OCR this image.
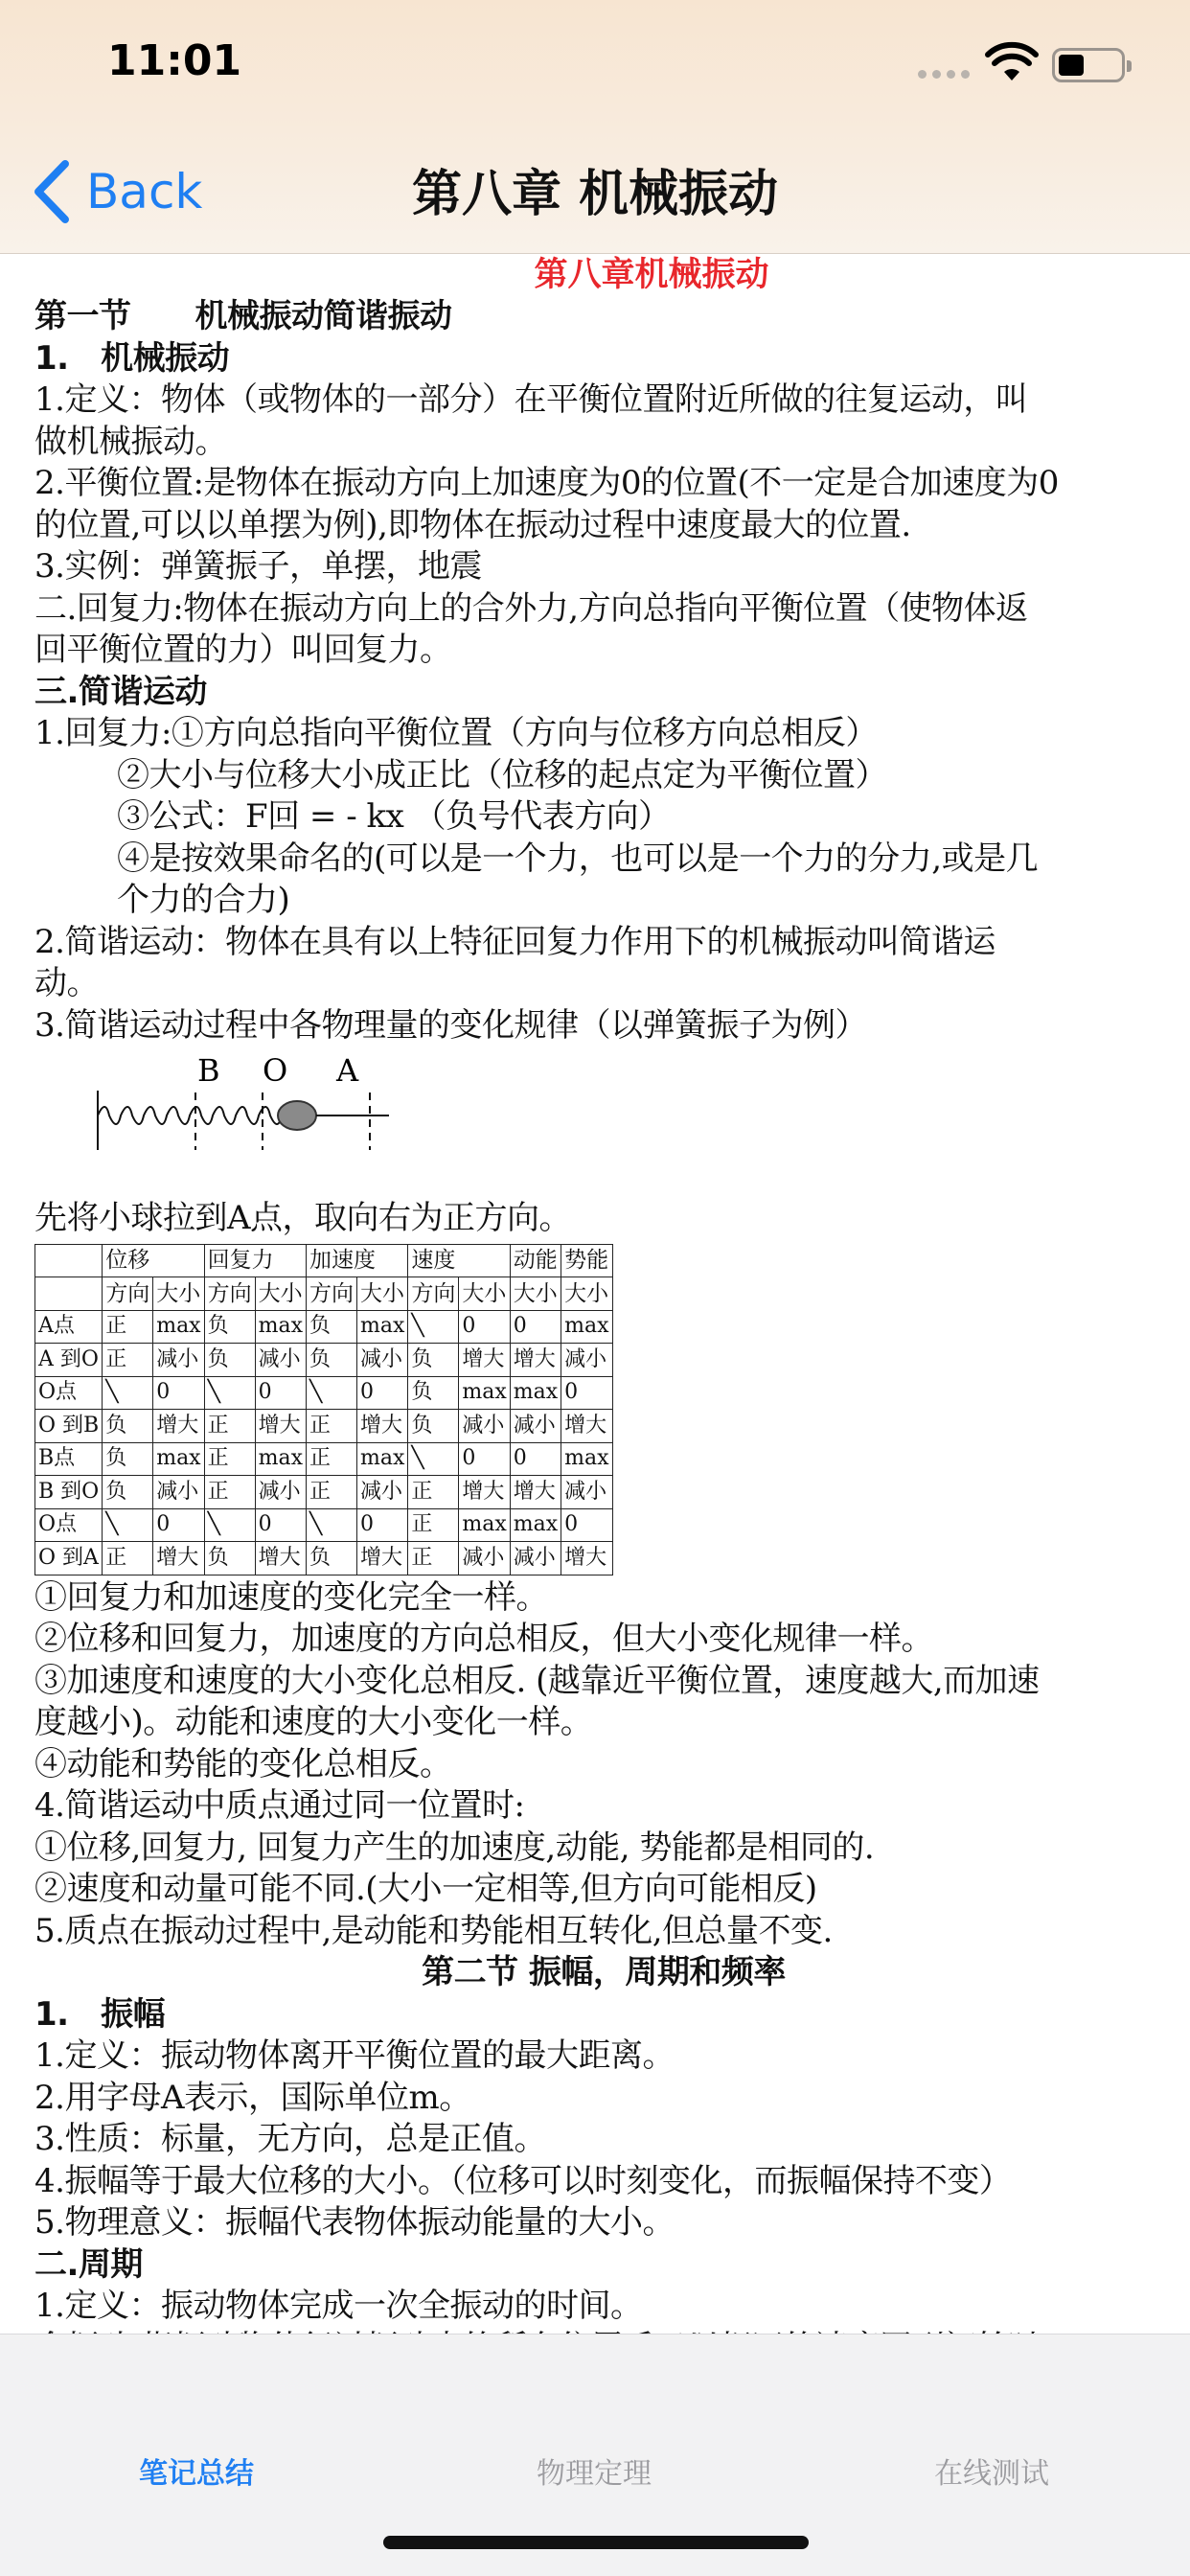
11:01
Back	第八章 机械振动
第八章机械振动
第一节　　机械振动简谐振动
1.　机械振动
1.定义：物体（或物体的一部分）在平衡位置附近所做的往复运动，叫
做机械振动。
2.平衡位置:是物体在振动方向上加速度为0的位置(不一定是合加速度为0
的位置,可以以单摆为例),即物体在振动过程中速度最大的位置.
3.实例：弹簧振子，单摆，地震
二.回复力:物体在振动方向上的合外力,方向总指向平衡位置（使物体返
回平衡位置的力）叫回复力。
三.简谐运动
1.回复力:①方向总指向平衡位置（方向与位移方向总相反）
②大小与位移大小成正比（位移的起点定为平衡位置）
③公式：F回 = - kx （负号代表方向）
④是按效果命名的(可以是一个力，也可以是一个力的分力,或是几
个力的合力)
2.简谐运动：物体在具有以上特征回复力作用下的机械振动叫简谐运
动。
3.简谐运动过程中各物理量的变化规律（以弹簧振子为例）
B O A
先将小球拉到A点，取向右为正方向。
	位移		回复力		加速度		速度		动能	势能
	方向	大小	方向	大小	方向	大小	方向	大小	大小	大小
A点	正	max	负	max	负	max	╲	0	0	max
A 到O	正	减小	负	减小	负	减小	负	增大	增大	减小
O点	╲	0	╲	0	╲	0	负	max	max	0
O 到B	负	增大	正	增大	正	增大	负	减小	减小	增大
B点	负	max	正	max	正	max	╲	0	0	max
B 到O	负	减小	正	减小	正	减小	正	增大	增大	减小
O点	╲	0	╲	0	╲	0	正	max	max	0
O 到A	正	增大	负	增大	负	增大	正	减小	减小	增大
①回复力和加速度的变化完全一样。
②位移和回复力，加速度的方向总相反，但大小变化规律一样。
③加速度和速度的大小变化总相反. (越靠近平衡位置，速度越大,而加速
度越小)。动能和速度的大小变化一样。
④动能和势能的变化总相反。
4.简谐运动中质点通过同一位置时:
①位移,回复力, 回复力产生的加速度,动能, 势能都是相同的.
②速度和动量可能不同.(大小一定相等,但方向可能相反)
5.质点在振动过程中,是动能和势能相互转化,但总量不变.
第二节 振幅，周期和频率
1.　振幅
1.定义：振动物体离开平衡位置的最大距离。
2.用字母A表示，国际单位m。
3.性质：标量，无方向，总是正值。
4.振幅等于最大位移的大小。（位移可以时刻变化，而振幅保持不变）
5.物理意义：振幅代表物体振动能量的大小。
二.周期
1.定义：振动物体完成一次全振动的时间。
笔记总结	物理定理	在线测试
